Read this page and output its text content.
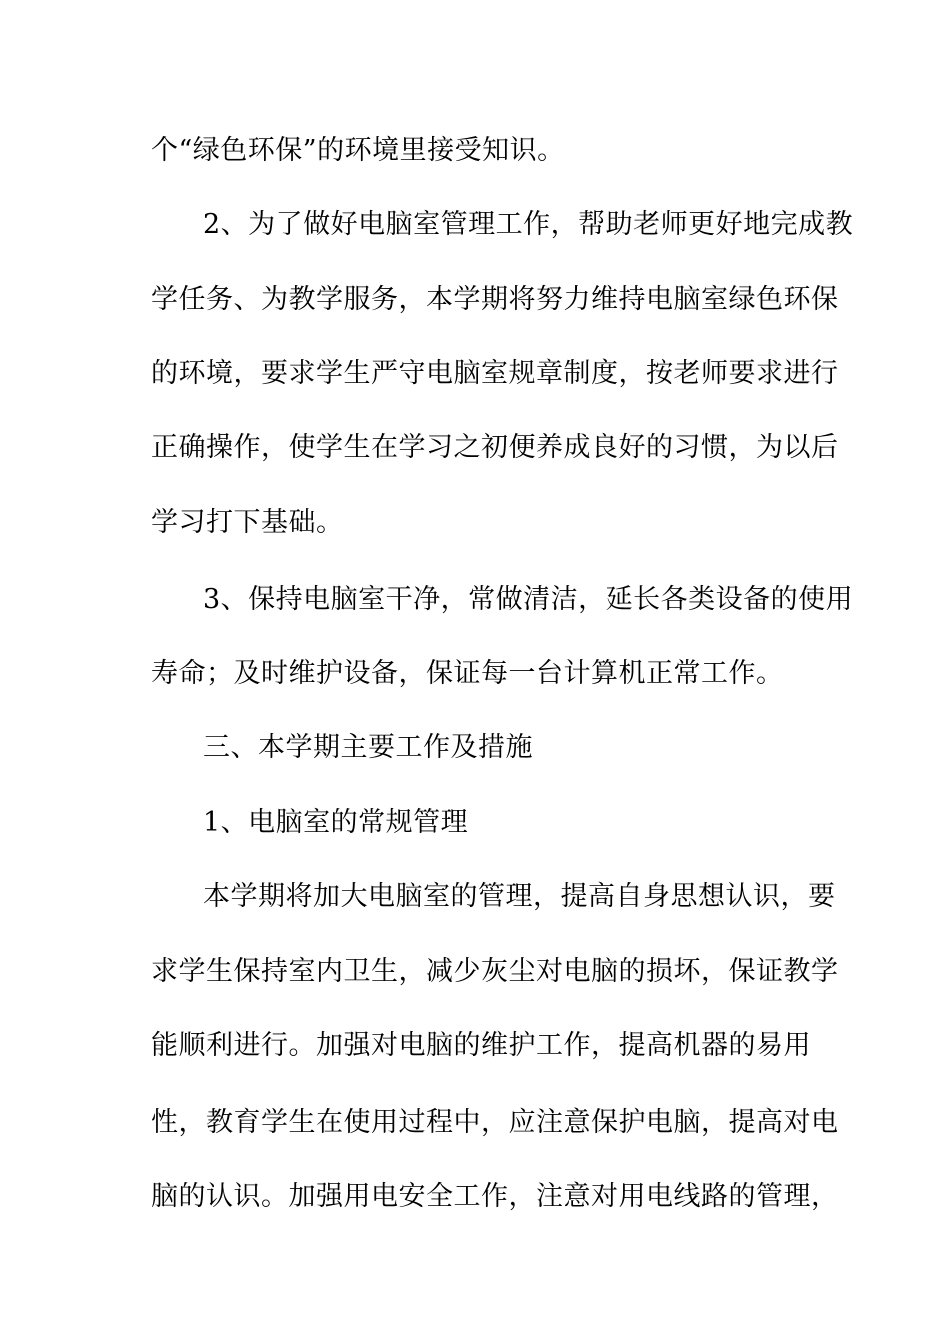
个“绿色环保”的环境里接受知识。
2、为了做好电脑室管理工作，帮助老师更好地完成教
学任务、为教学服务，本学期将努力维持电脑室绿色环保
的环境，要求学生严守电脑室规章制度，按老师要求进行
正确操作，使学生在学习之初便养成良好的习惯，为以后
学习打下基础。
3、保持电脑室干净，常做清洁，延长各类设备的使用
寿命；及时维护设备，保证每一台计算机正常工作。
三、本学期主要工作及措施
1、电脑室的常规管理
本学期将加大电脑室的管理，提高自身思想认识，要
求学生保持室内卫生，减少灰尘对电脑的损坏，保证教学
能顺利进行。加强对电脑的维护工作，提高机器的易用
性，教育学生在使用过程中，应注意保护电脑，提高对电
脑的认识。加强用电安全工作，注意对用电线路的管理，
